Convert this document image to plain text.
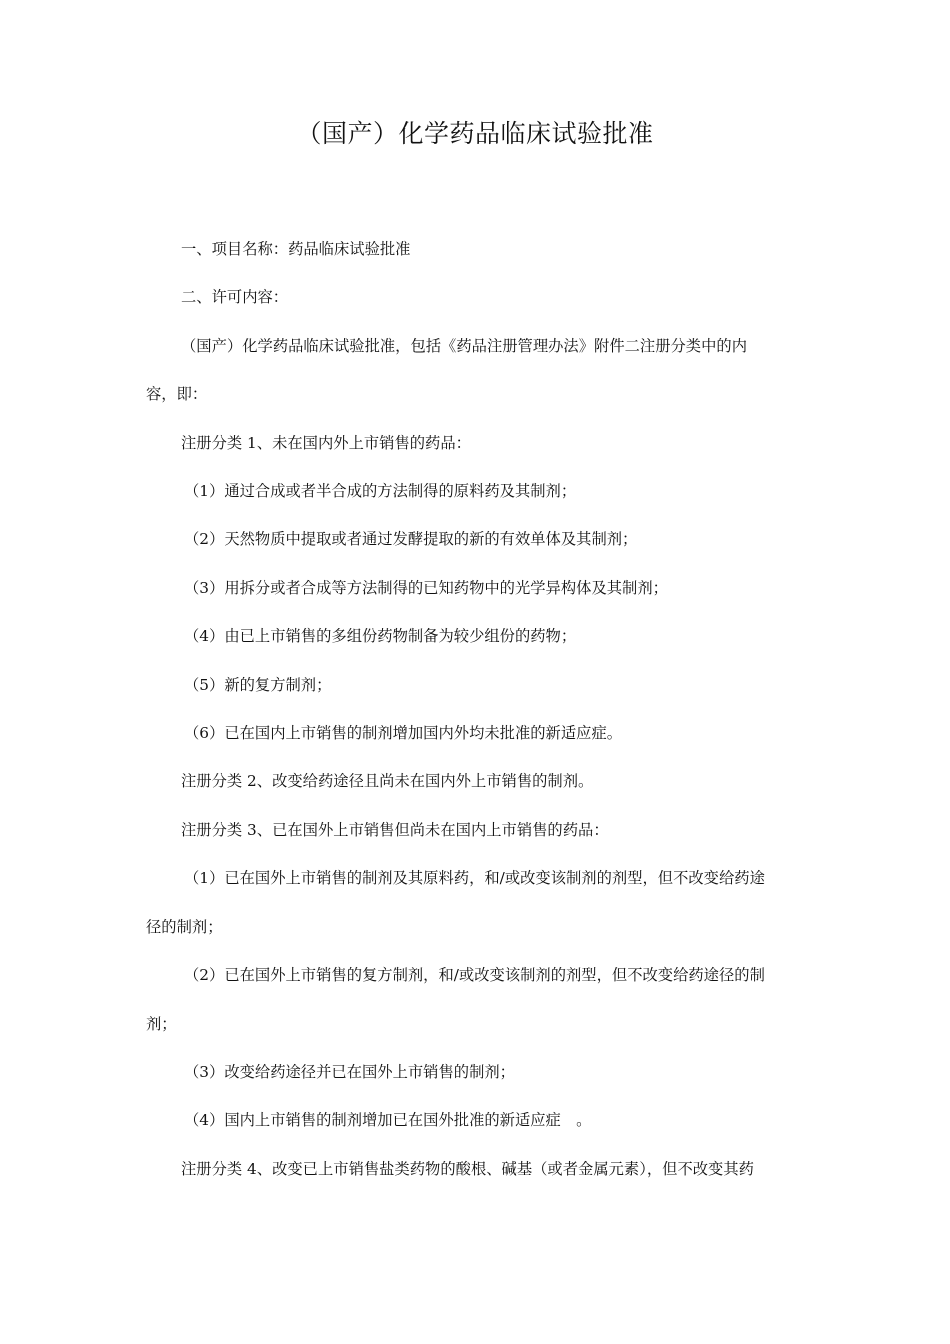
（国产）化学药品临床试验批准

一、项目名称：药品临床试验批准

二、许可内容：

（国产）化学药品临床试验批准，包括《药品注册管理办法》附件二注册分类中的内

容，即：

注册分类 1、未在国内外上市销售的药品：

（1）通过合成或者半合成的方法制得的原料药及其制剂；

（2）天然物质中提取或者通过发酵提取的新的有效单体及其制剂；

（3）用拆分或者合成等方法制得的已知药物中的光学异构体及其制剂；

（4）由已上市销售的多组份药物制备为较少组份的药物；

（5）新的复方制剂；

（6）已在国内上市销售的制剂增加国内外均未批准的新适应症。

注册分类 2、改变给药途径且尚未在国内外上市销售的制剂。

注册分类 3、已在国外上市销售但尚未在国内上市销售的药品：

（1）已在国外上市销售的制剂及其原料药，和/或改变该制剂的剂型，但不改变给药途

径的制剂；

（2）已在国外上市销售的复方制剂，和/或改变该制剂的剂型，但不改变给药途径的制

剂；

（3）改变给药途径并已在国外上市销售的制剂；

（4）国内上市销售的制剂增加已在国外批准的新适应症　。

注册分类 4、改变已上市销售盐类药物的酸根、碱基（或者金属元素），但不改变其药
